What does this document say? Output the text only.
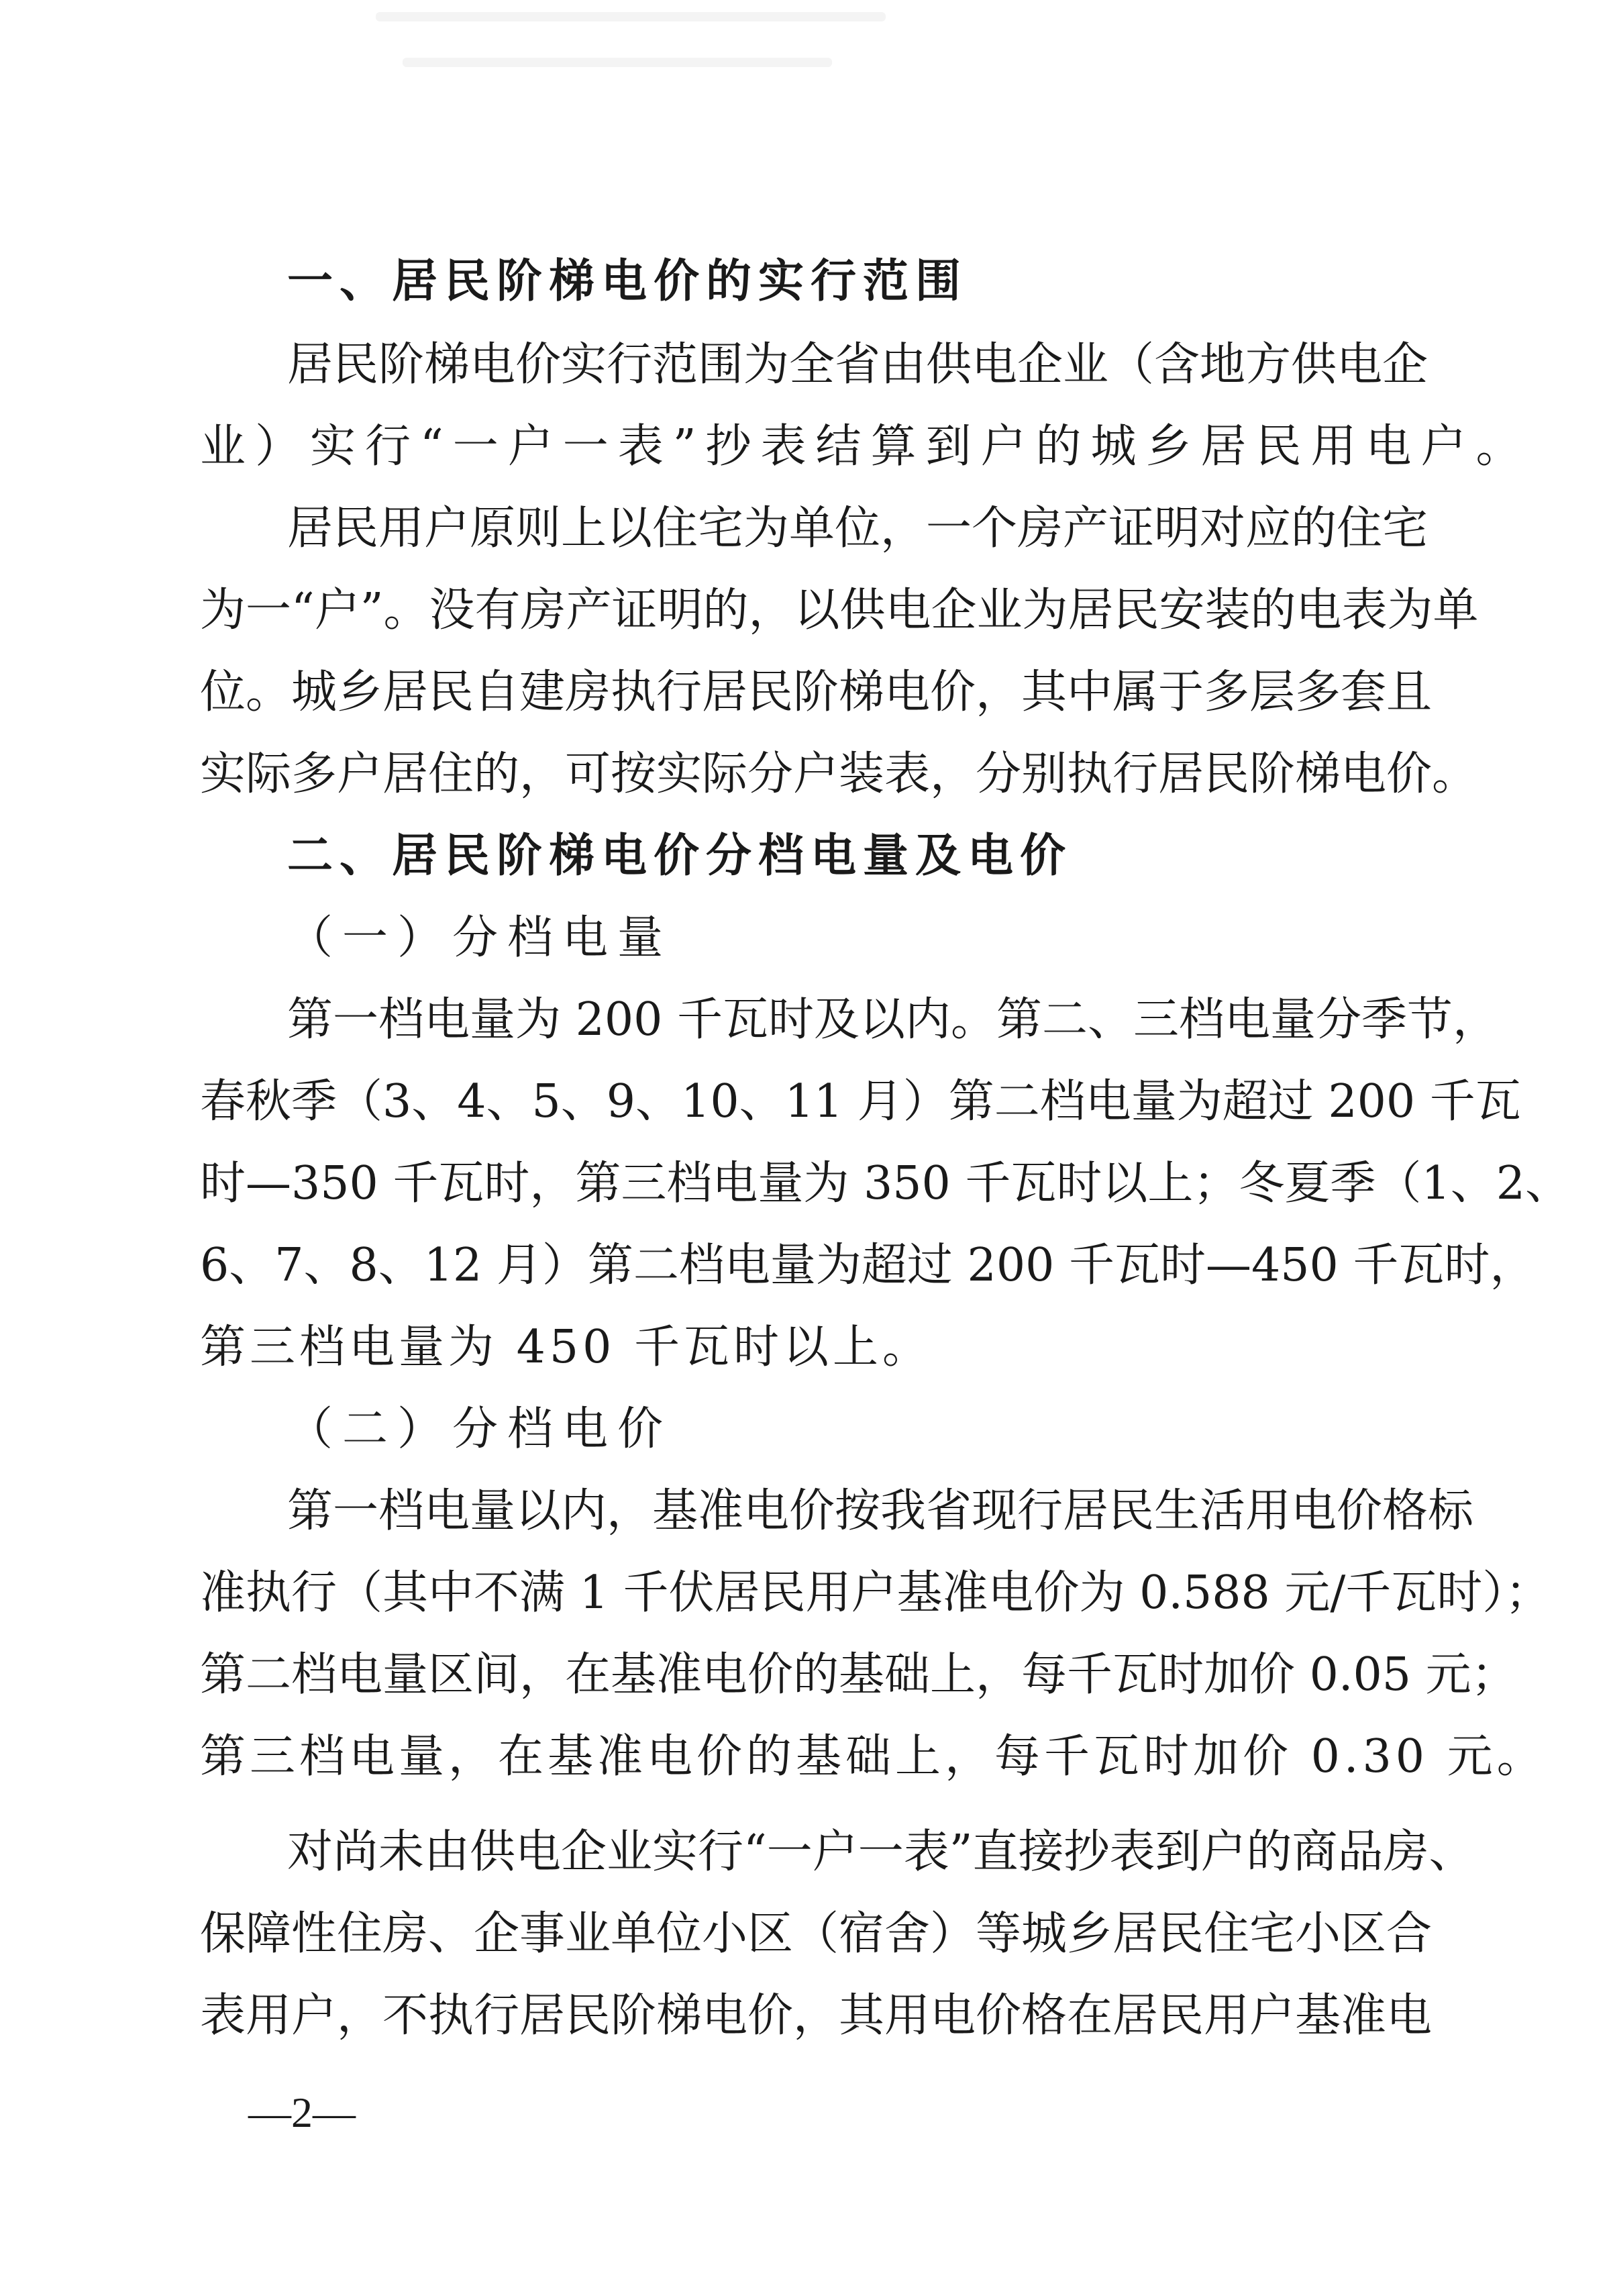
一、居民阶梯电价的实行范围
居民阶梯电价实行范围为全省由供电企业（含地方供电企
业）实行“一户一表”抄表结算到户的城乡居民用电户。
居民用户原则上以住宅为单位，一个房产证明对应的住宅
为一“户”。没有房产证明的，以供电企业为居民安装的电表为单
位。城乡居民自建房执行居民阶梯电价，其中属于多层多套且
实际多户居住的，可按实际分户装表，分别执行居民阶梯电价。
二、居民阶梯电价分档电量及电价
（一）分档电量
第一档电量为 200 千瓦时及以内。第二、三档电量分季节，
春秋季（3、4、5、9、10、11 月）第二档电量为超过 200 千瓦
时—350 千瓦时，第三档电量为 350 千瓦时以上；冬夏季（1、2、
6、7、8、12 月）第二档电量为超过 200 千瓦时—450 千瓦时，
第三档电量为 450 千瓦时以上。
（二）分档电价
第一档电量以内，基准电价按我省现行居民生活用电价格标
准执行（其中不满 1 千伏居民用户基准电价为 0.588 元/千瓦时）；
第二档电量区间，在基准电价的基础上，每千瓦时加价 0.05 元；
第三档电量，在基准电价的基础上，每千瓦时加价 0.30 元。
对尚未由供电企业实行“一户一表”直接抄表到户的商品房、
保障性住房、企事业单位小区（宿舍）等城乡居民住宅小区合
表用户，不执行居民阶梯电价，其用电价格在居民用户基准电
—2—
